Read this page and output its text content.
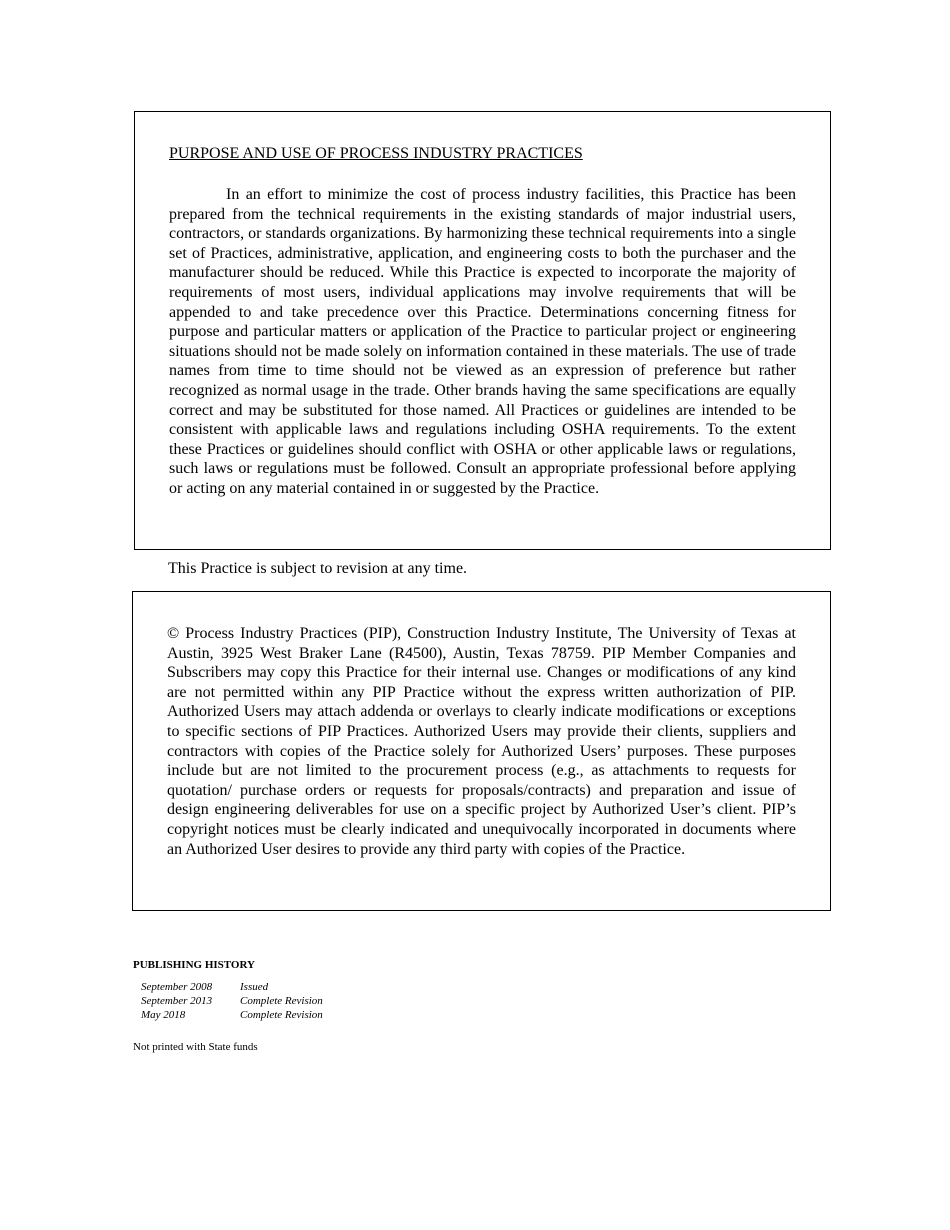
PURPOSE AND USE OF PROCESS INDUSTRY PRACTICES

In an effort to minimize the cost of process industry facilities, this Practice has been prepared from the technical requirements in the existing standards of major industrial users, contractors, or standards organizations. By harmonizing these technical requirements into a single set of Practices, administrative, application, and engineering costs to both the purchaser and the manufacturer should be reduced. While this Practice is expected to incorporate the majority of requirements of most users, individual applications may involve requirements that will be appended to and take precedence over this Practice. Determinations concerning fitness for purpose and particular matters or application of the Practice to particular project or engineering situations should not be made solely on information contained in these materials. The use of trade names from time to time should not be viewed as an expression of preference but rather recognized as normal usage in the trade. Other brands having the same specifications are equally correct and may be substituted for those named. All Practices or guidelines are intended to be consistent with applicable laws and regulations including OSHA requirements. To the extent these Practices or guidelines should conflict with OSHA or other applicable laws or regulations, such laws or regulations must be followed. Consult an appropriate professional before applying or acting on any material contained in or suggested by the Practice.

This Practice is subject to revision at any time.

© Process Industry Practices (PIP), Construction Industry Institute, The University of Texas at Austin, 3925 West Braker Lane (R4500), Austin, Texas 78759. PIP Member Companies and Subscribers may copy this Practice for their internal use. Changes or modifications of any kind are not permitted within any PIP Practice without the express written authorization of PIP. Authorized Users may attach addenda or overlays to clearly indicate modifications or exceptions to specific sections of PIP Practices. Authorized Users may provide their clients, suppliers and contractors with copies of the Practice solely for Authorized Users’ purposes. These purposes include but are not limited to the procurement process (e.g., as attachments to requests for quotation/ purchase orders or requests for proposals/contracts) and preparation and issue of design engineering deliverables for use on a specific project by Authorized User’s client. PIP’s copyright notices must be clearly indicated and unequivocally incorporated in documents where an Authorized User desires to provide any third party with copies of the Practice.

PUBLISHING HISTORY
September 2008	Issued
September 2013	Complete Revision
May 2018	Complete Revision
Not printed with State funds
